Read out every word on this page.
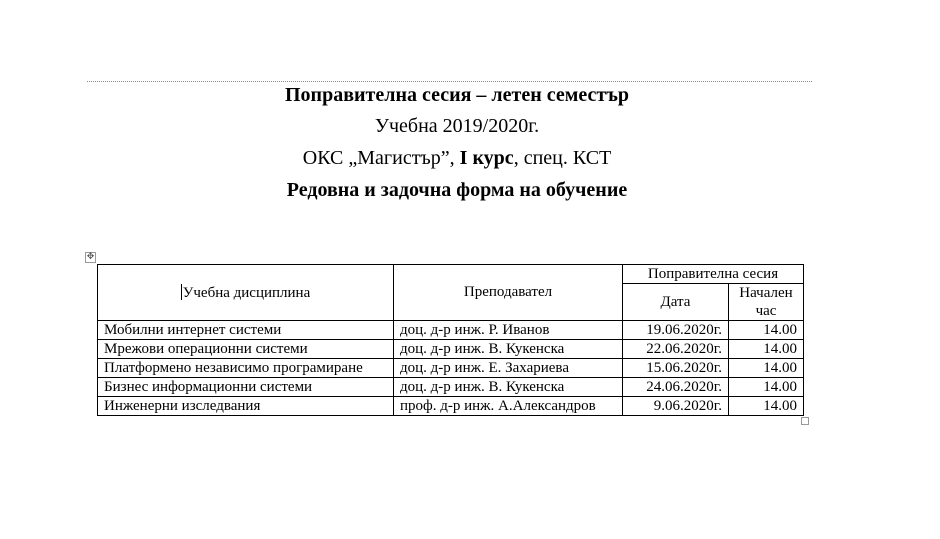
Поправителна сесия – летен семестър
Учебна 2019/2020г.
ОКС „Магистър”, І курс, спец. КСТ
Редовна и задочна форма на обучение
✥
Учебна дисциплина	Преподавател	Поправителна сесия	
		Дата	Начален час
Мобилни интернет системи	доц. д-р инж. Р. Иванов	19.06.2020г.	14.00
Мрежови операционни системи	доц. д-р инж. В. Кукенска	22.06.2020г.	14.00
Платформено независимо програмиране	доц. д-р инж. Е. Захариева	15.06.2020г.	14.00
Бизнес информационни системи	доц. д-р инж. В. Кукенска	24.06.2020г.	14.00
Инженерни изследвания	проф. д-р инж. А.Александров	9.06.2020г.	14.00
